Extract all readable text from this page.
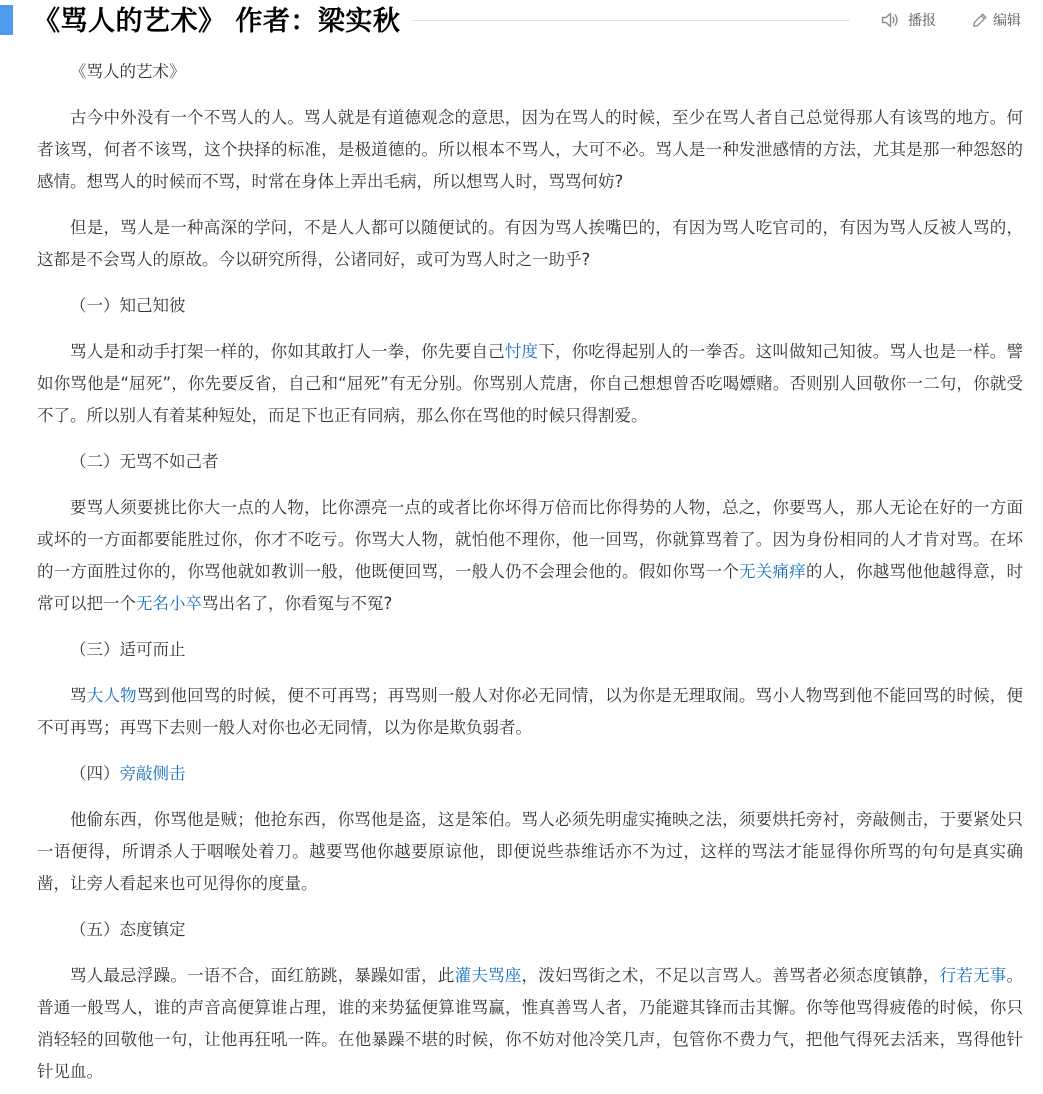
《骂人的艺术》 作者：梁实秋	播报	编辑

《骂人的艺术》

古今中外没有一个不骂人的人。骂人就是有道德观念的意思，因为在骂人的时候，至少在骂人者自己总觉得那人有该骂的地方。何者该骂，何者不该骂，这个抉择的标准，是极道德的。所以根本不骂人，大可不必。骂人是一种发泄感情的方法，尤其是那一种怨怒的感情。想骂人的时候而不骂，时常在身体上弄出毛病，所以想骂人时，骂骂何妨?

但是，骂人是一种高深的学问，不是人人都可以随便试的。有因为骂人挨嘴巴的，有因为骂人吃官司的，有因为骂人反被人骂的，这都是不会骂人的原故。今以研究所得，公诸同好，或可为骂人时之一助乎?

（一）知己知彼

骂人是和动手打架一样的，你如其敢打人一拳，你先要自己忖度下，你吃得起别人的一拳否。这叫做知己知彼。骂人也是一样。譬如你骂他是“屈死”，你先要反省，自己和“屈死”有无分别。你骂别人荒唐，你自己想想曾否吃喝嫖赌。否则别人回敬你一二句，你就受不了。所以别人有着某种短处，而足下也正有同病，那么你在骂他的时候只得割爱。

（二）无骂不如己者

要骂人须要挑比你大一点的人物，比你漂亮一点的或者比你坏得万倍而比你得势的人物，总之，你要骂人，那人无论在好的一方面或坏的一方面都要能胜过你，你才不吃亏。你骂大人物，就怕他不理你，他一回骂，你就算骂着了。因为身份相同的人才肯对骂。在坏的一方面胜过你的，你骂他就如教训一般，他既便回骂，一般人仍不会理会他的。假如你骂一个无关痛痒的人，你越骂他他越得意，时常可以把一个无名小卒骂出名了，你看冤与不冤?

（三）适可而止

骂大人物骂到他回骂的时候，便不可再骂；再骂则一般人对你必无同情，以为你是无理取闹。骂小人物骂到他不能回骂的时候，便不可再骂；再骂下去则一般人对你也必无同情，以为你是欺负弱者。

（四）旁敲侧击

他偷东西，你骂他是贼；他抢东西，你骂他是盗，这是笨伯。骂人必须先明虚实掩映之法，须要烘托旁衬，旁敲侧击，于要紧处只一语便得，所谓杀人于咽喉处着刀。越要骂他你越要原谅他，即便说些恭维话亦不为过，这样的骂法才能显得你所骂的句句是真实确凿，让旁人看起来也可见得你的度量。

（五）态度镇定

骂人最忌浮躁。一语不合，面红筋跳，暴躁如雷，此灌夫骂座，泼妇骂街之术，不足以言骂人。善骂者必须态度镇静，行若无事。普通一般骂人，谁的声音高便算谁占理，谁的来势猛便算谁骂赢，惟真善骂人者，乃能避其锋而击其懈。你等他骂得疲倦的时候，你只消轻轻的回敬他一句，让他再狂吼一阵。在他暴躁不堪的时候，你不妨对他冷笑几声，包管你不费力气，把他气得死去活来，骂得他针针见血。
